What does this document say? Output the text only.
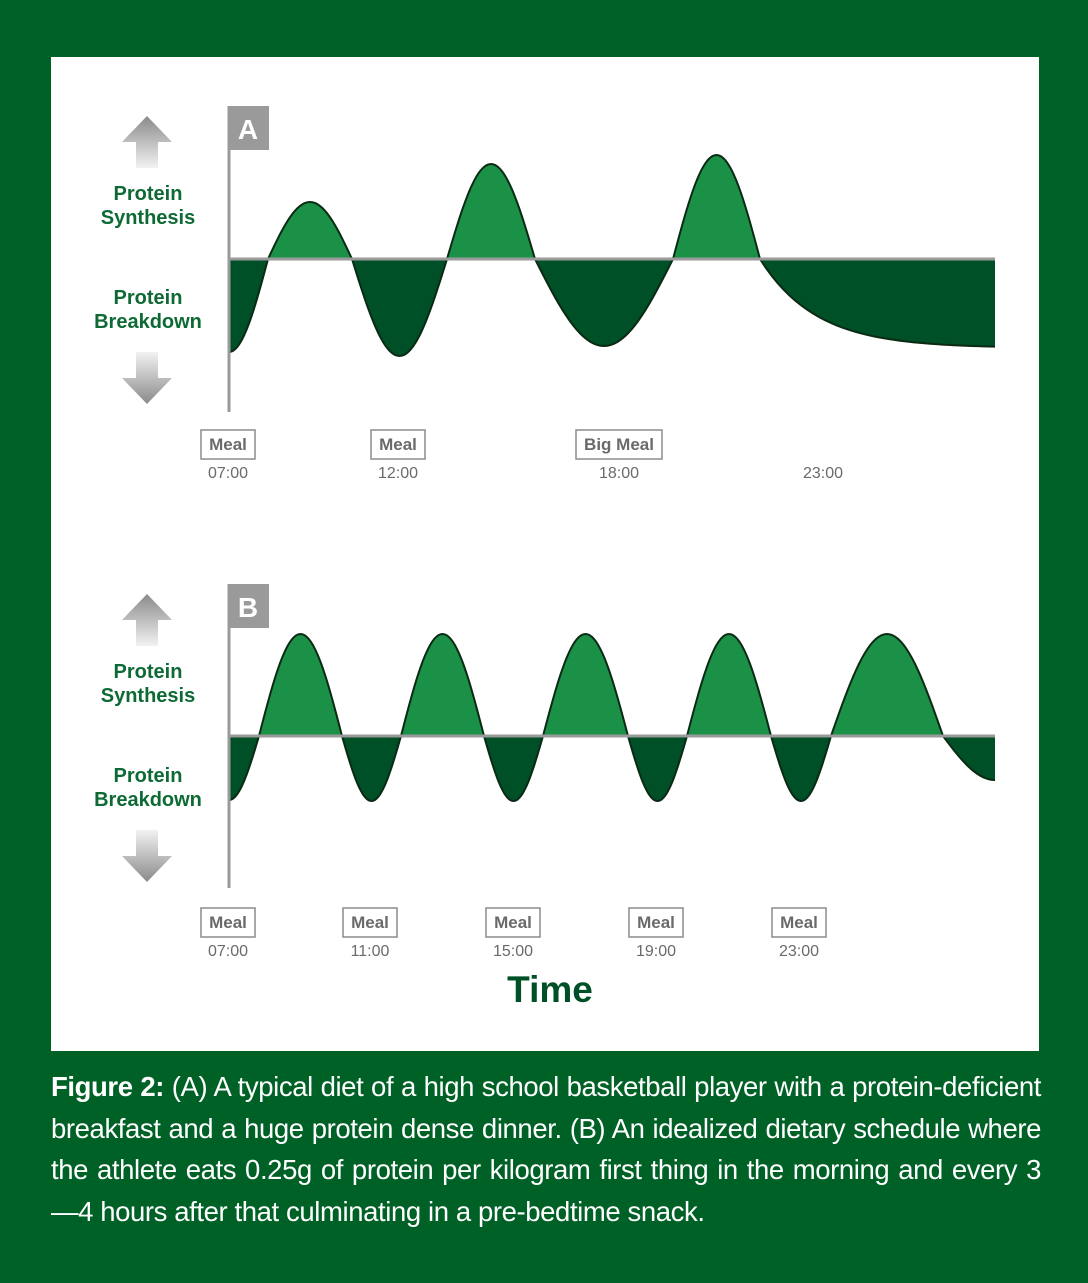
A
Protein Synthesis
Protein Breakdown
Meal
07:00
Meal
12:00
Big Meal
18:00	23:00
B
Protein Synthesis
Protein Breakdown
Meal
07:00
Meal
11:00
Meal
15:00
Meal
19:00
Meal
23:00
Time
Figure 2: (A) A typical diet of a high school basketball player with a protein-deficient breakfast and a huge protein dense dinner. (B) An idealized dietary schedule where the athlete eats 0.25g of protein per kilogram first thing in the morning and every 3—4 hours after that culminating in a pre-bedtime snack.
